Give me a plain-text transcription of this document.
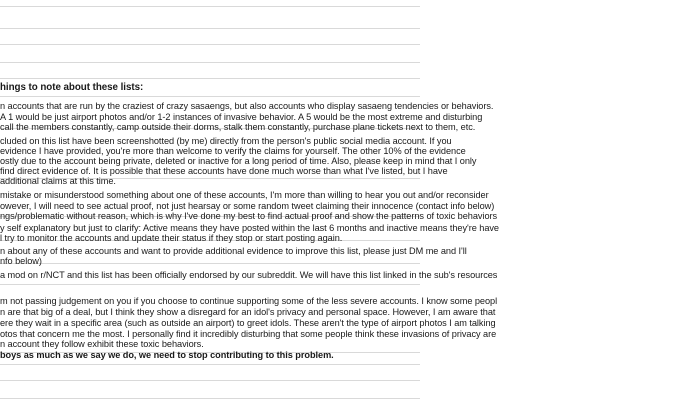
hings to note about these lists:
n accounts that are run by the craziest of crazy sasaengs, but also accounts who display sasaeng tendencies or behaviors.
A 1 would be just airport photos and/or 1-2 instances of invasive behavior. A 5 would be the most extreme and disturbing
call the members constantly, camp outside their dorms, stalk them constantly, purchase plane tickets next to them, etc.
cluded on this list have been screenshotted (by me) directly from the person's public social media account. If you
evidence I have provided, you're more than welcome to verify the claims for yourself. The other 10% of the evidence
ostly due to the account being private, deleted or inactive for a long period of time. Also, please keep in mind that I only
find direct evidence of. It is possible that these accounts have done much worse than what I've listed, but I have
additional claims at this time.
mistake or misunderstood something about one of these accounts, I'm more than willing to hear you out and/or reconsider
owever, I will need to see actual proof, not just hearsay or some random tweet claiming their innocence (contact info below)
ngs/problematic without reason, which is why I've done my best to find actual proof and show the patterns of toxic behaviors
y self explanatory but just to clarify: Active means they have posted within the last 6 months and inactive means they're have
l try to monitor the accounts and update their status if they stop or start posting again.
n about any of these accounts and want to provide additional evidence to improve this list, please just DM me and I'll
nfo below)
a mod on r/NCT and this list has been officially endorsed by our subreddit. We will have this list linked in the sub's resources
m not passing judgement on you if you choose to continue supporting some of the less severe accounts. I know some peopl
n are that big of a deal, but I think they show a disregard for an idol's privacy and personal space. However, I am aware that
ere they wait in a specific area (such as outside an airport) to greet idols. These aren't the type of airport photos I am talking
otos that concern me the most. I personally find it incredibly disturbing that some people think these invasions of privacy are
n account they follow exhibit these toxic behaviors.
boys as much as we say we do, we need to stop contributing to this problem.
